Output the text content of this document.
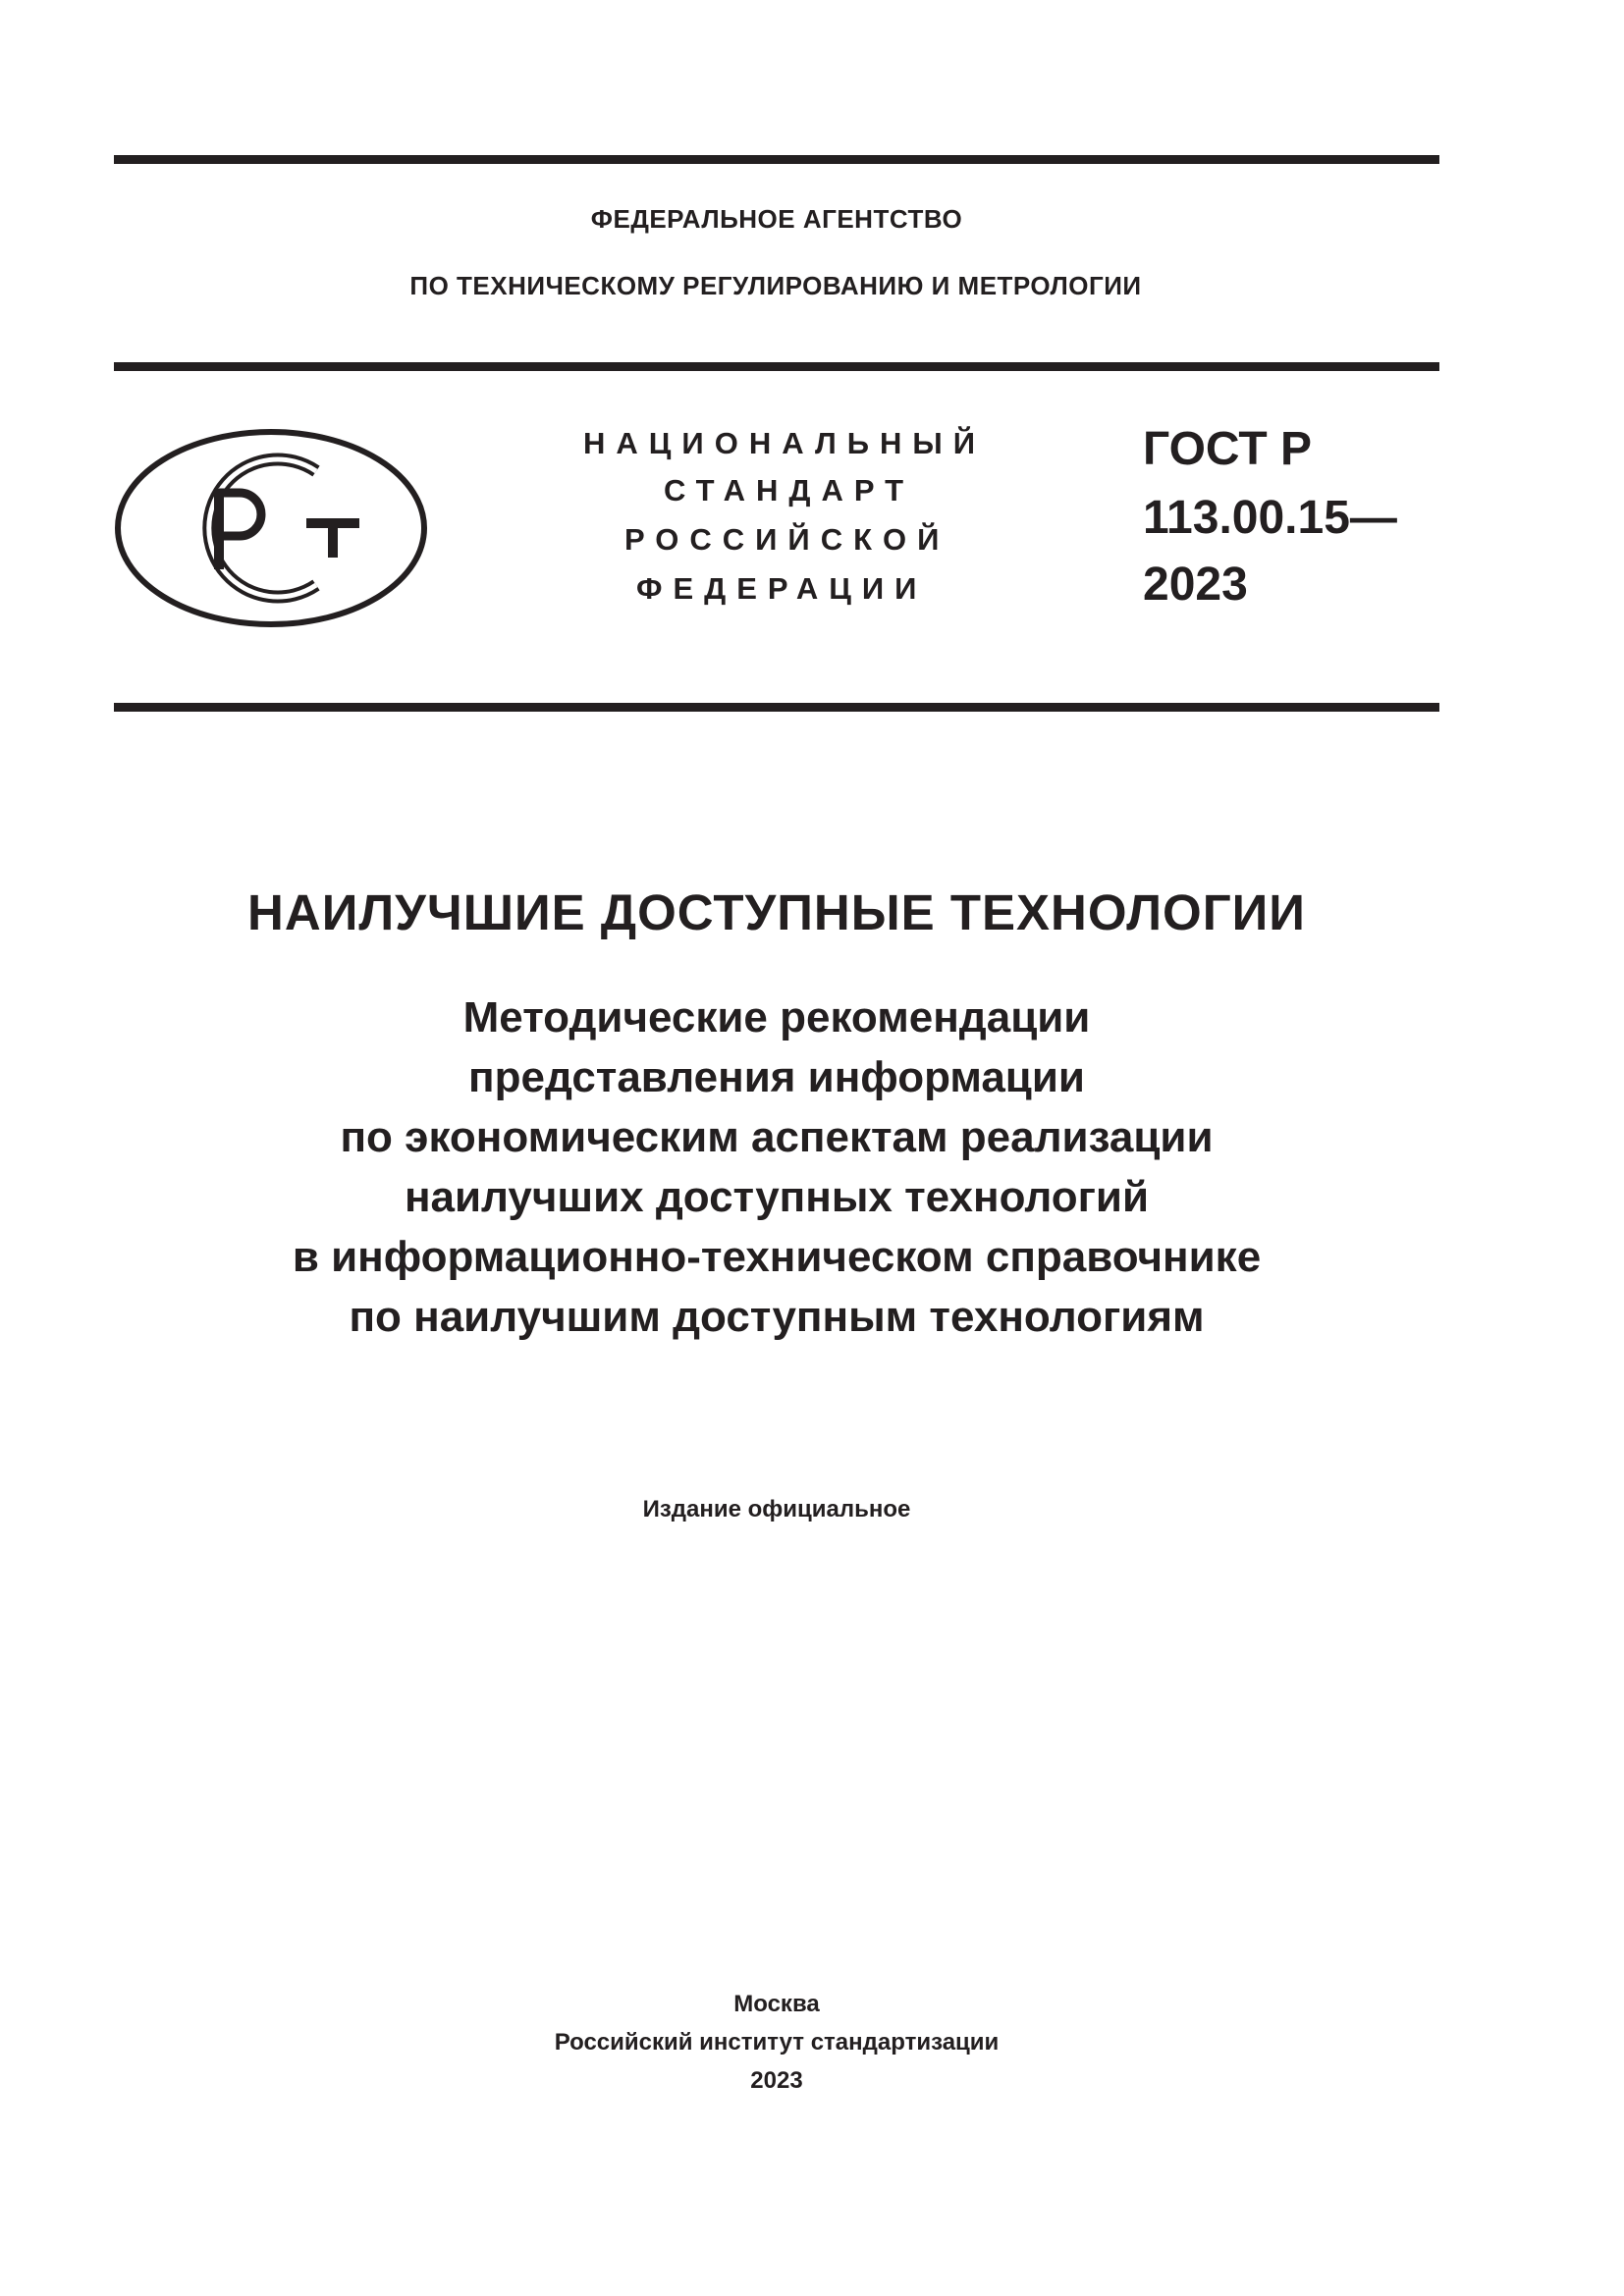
ФЕДЕРАЛЬНОЕ АГЕНТСТВО
ПО ТЕХНИЧЕСКОМУ РЕГУЛИРОВАНИЮ И МЕТРОЛОГИИ
НАЦИОНАЛЬНЫЙ
СТАНДАРТ
РОССИЙСКОЙ
ФЕДЕРАЦИИ
ГОСТ Р
113.00.15—
2023
НАИЛУЧШИЕ ДОСТУПНЫЕ ТЕХНОЛОГИИ
Методические рекомендации
представления информации
по экономическим аспектам реализации
наилучших доступных технологий
в информационно-техническом справочнике
по наилучшим доступным технологиям
Издание официальное
Москва
Российский институт стандартизации
2023
